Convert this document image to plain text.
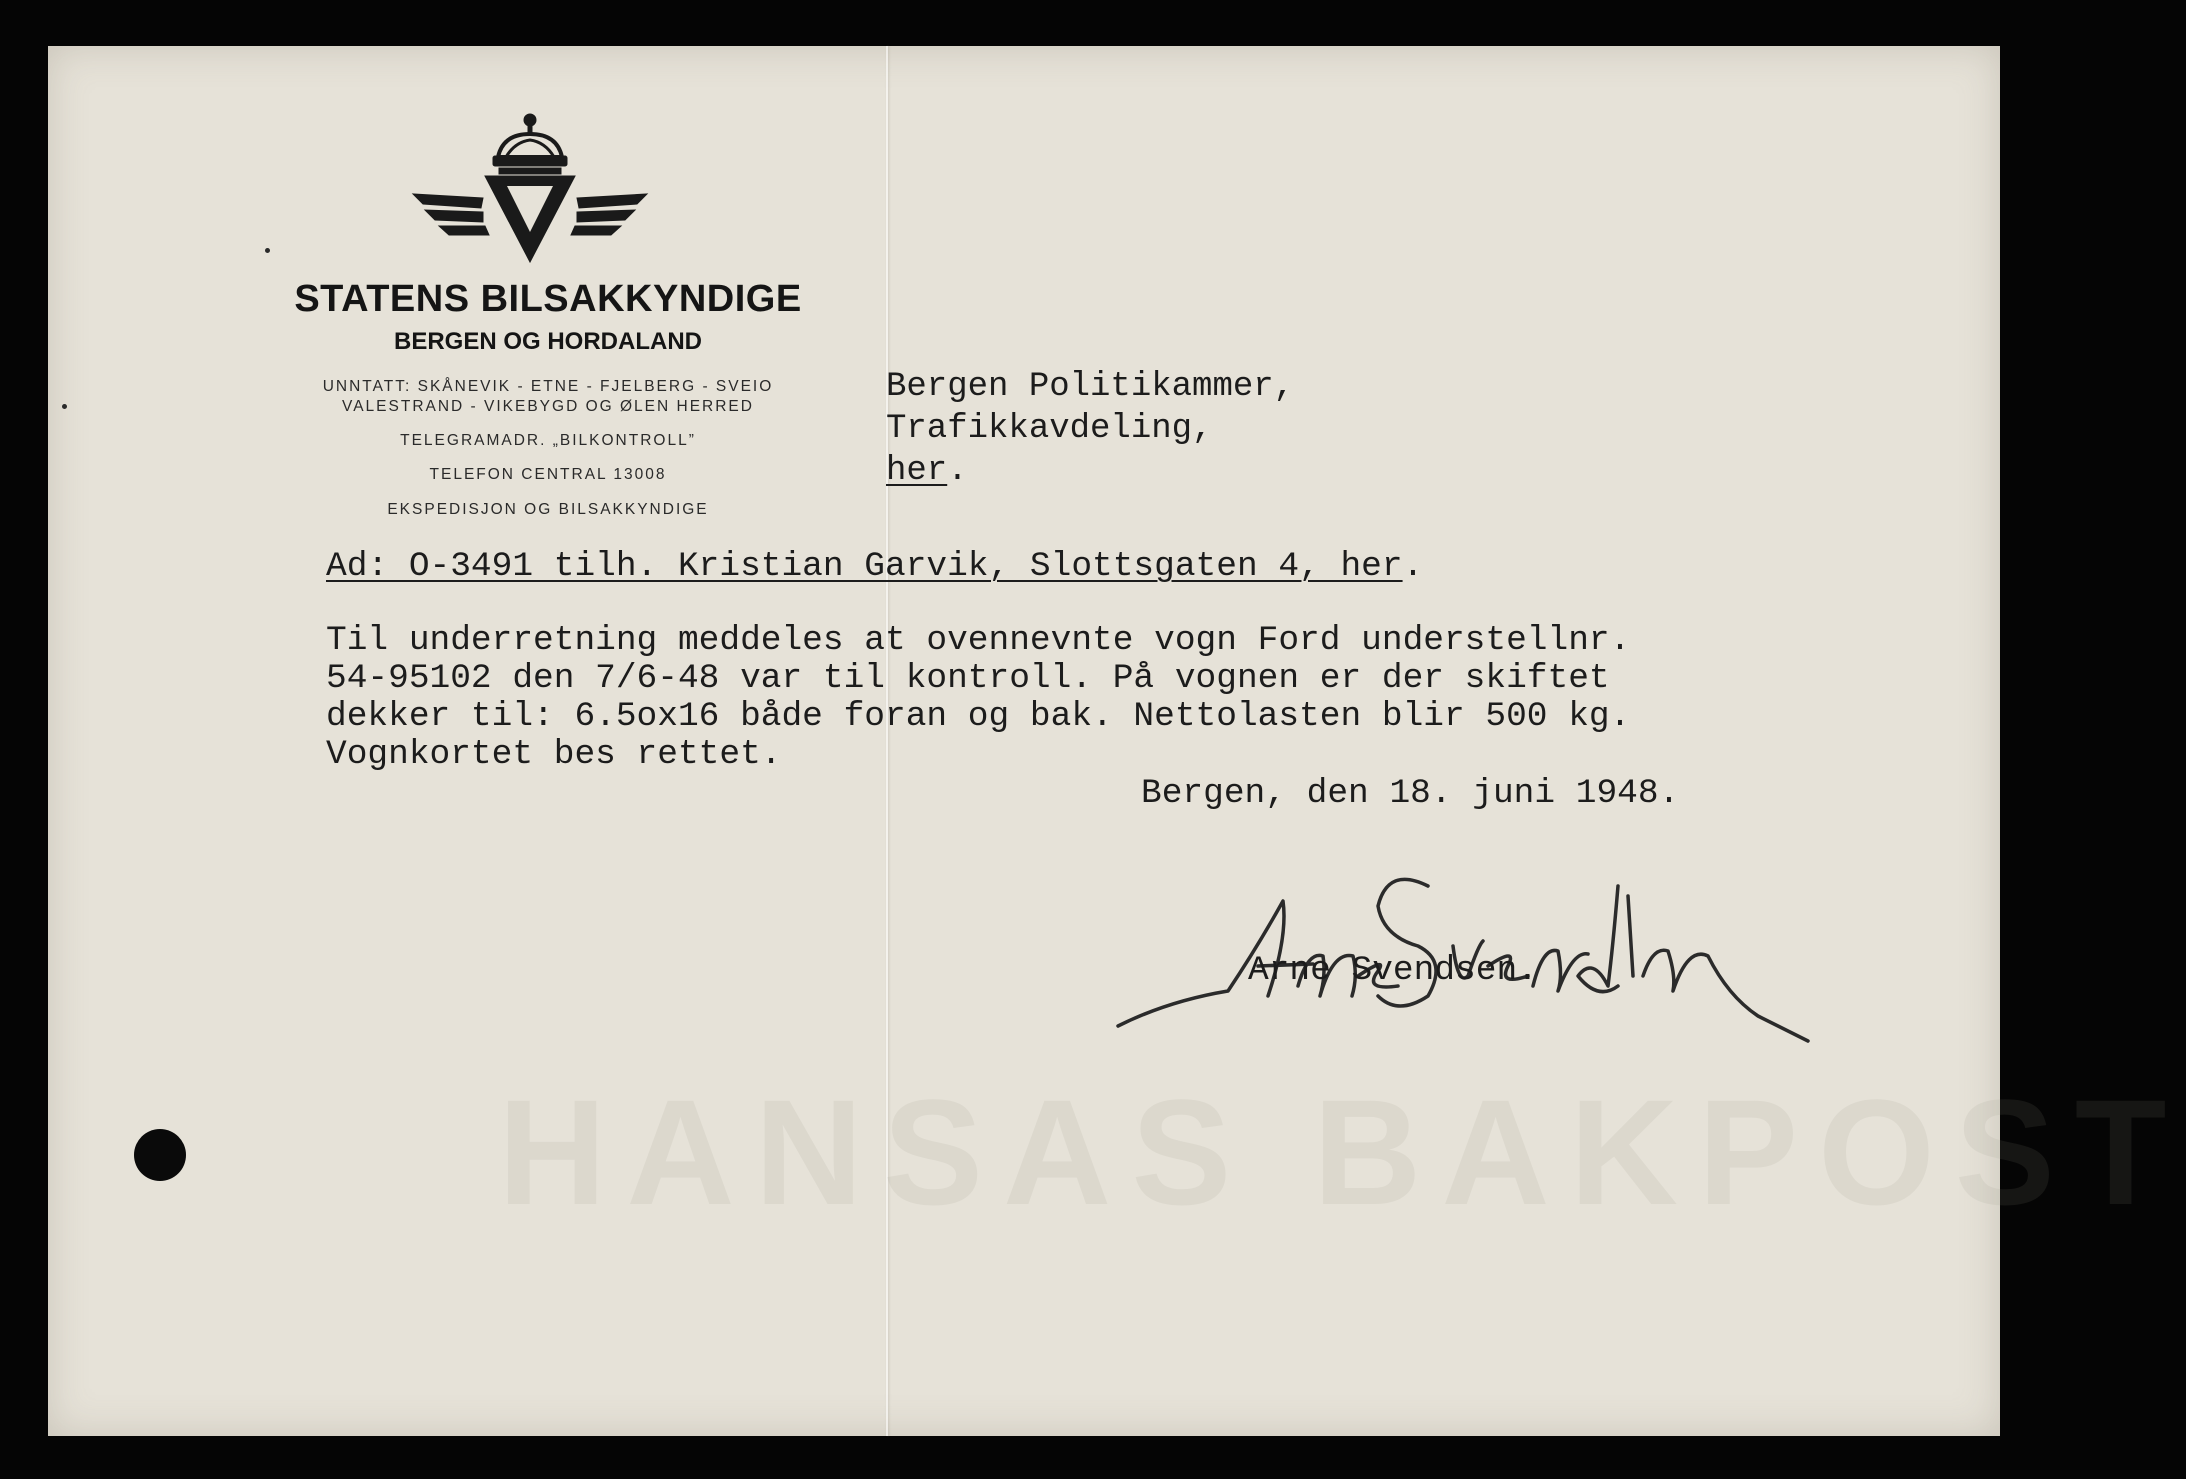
HANSAS BAKPOST

STATENS BILSAKKYNDIGE
BERGEN OG HORDALAND

UNNTATT: SKÅNEVIK - ETNE - FJELBERG - SVEIO

VALESTRAND - VIKEBYGD OG ØLEN HERRED

TELEGRAMADR. „BILKONTROLL”

TELEFON CENTRAL 13008

EKSPEDISJON OG BILSAKKYNDIGE

Bergen Politikammer,

Trafikkavdeling,

her.

Ad: O-3491 tilh. Kristian Garvik, Slottsgaten 4, her.

Til underretning meddeles at ovennevnte vogn Ford understellnr.

54-95102 den 7/6-48 var til kontroll. På vognen er der skiftet

dekker til: 6.5ox16 både foran og bak. Nettolasten blir 500 kg.

Vognkortet bes rettet.

Bergen, den 18. juni 1948.

Arne Svendsen.
